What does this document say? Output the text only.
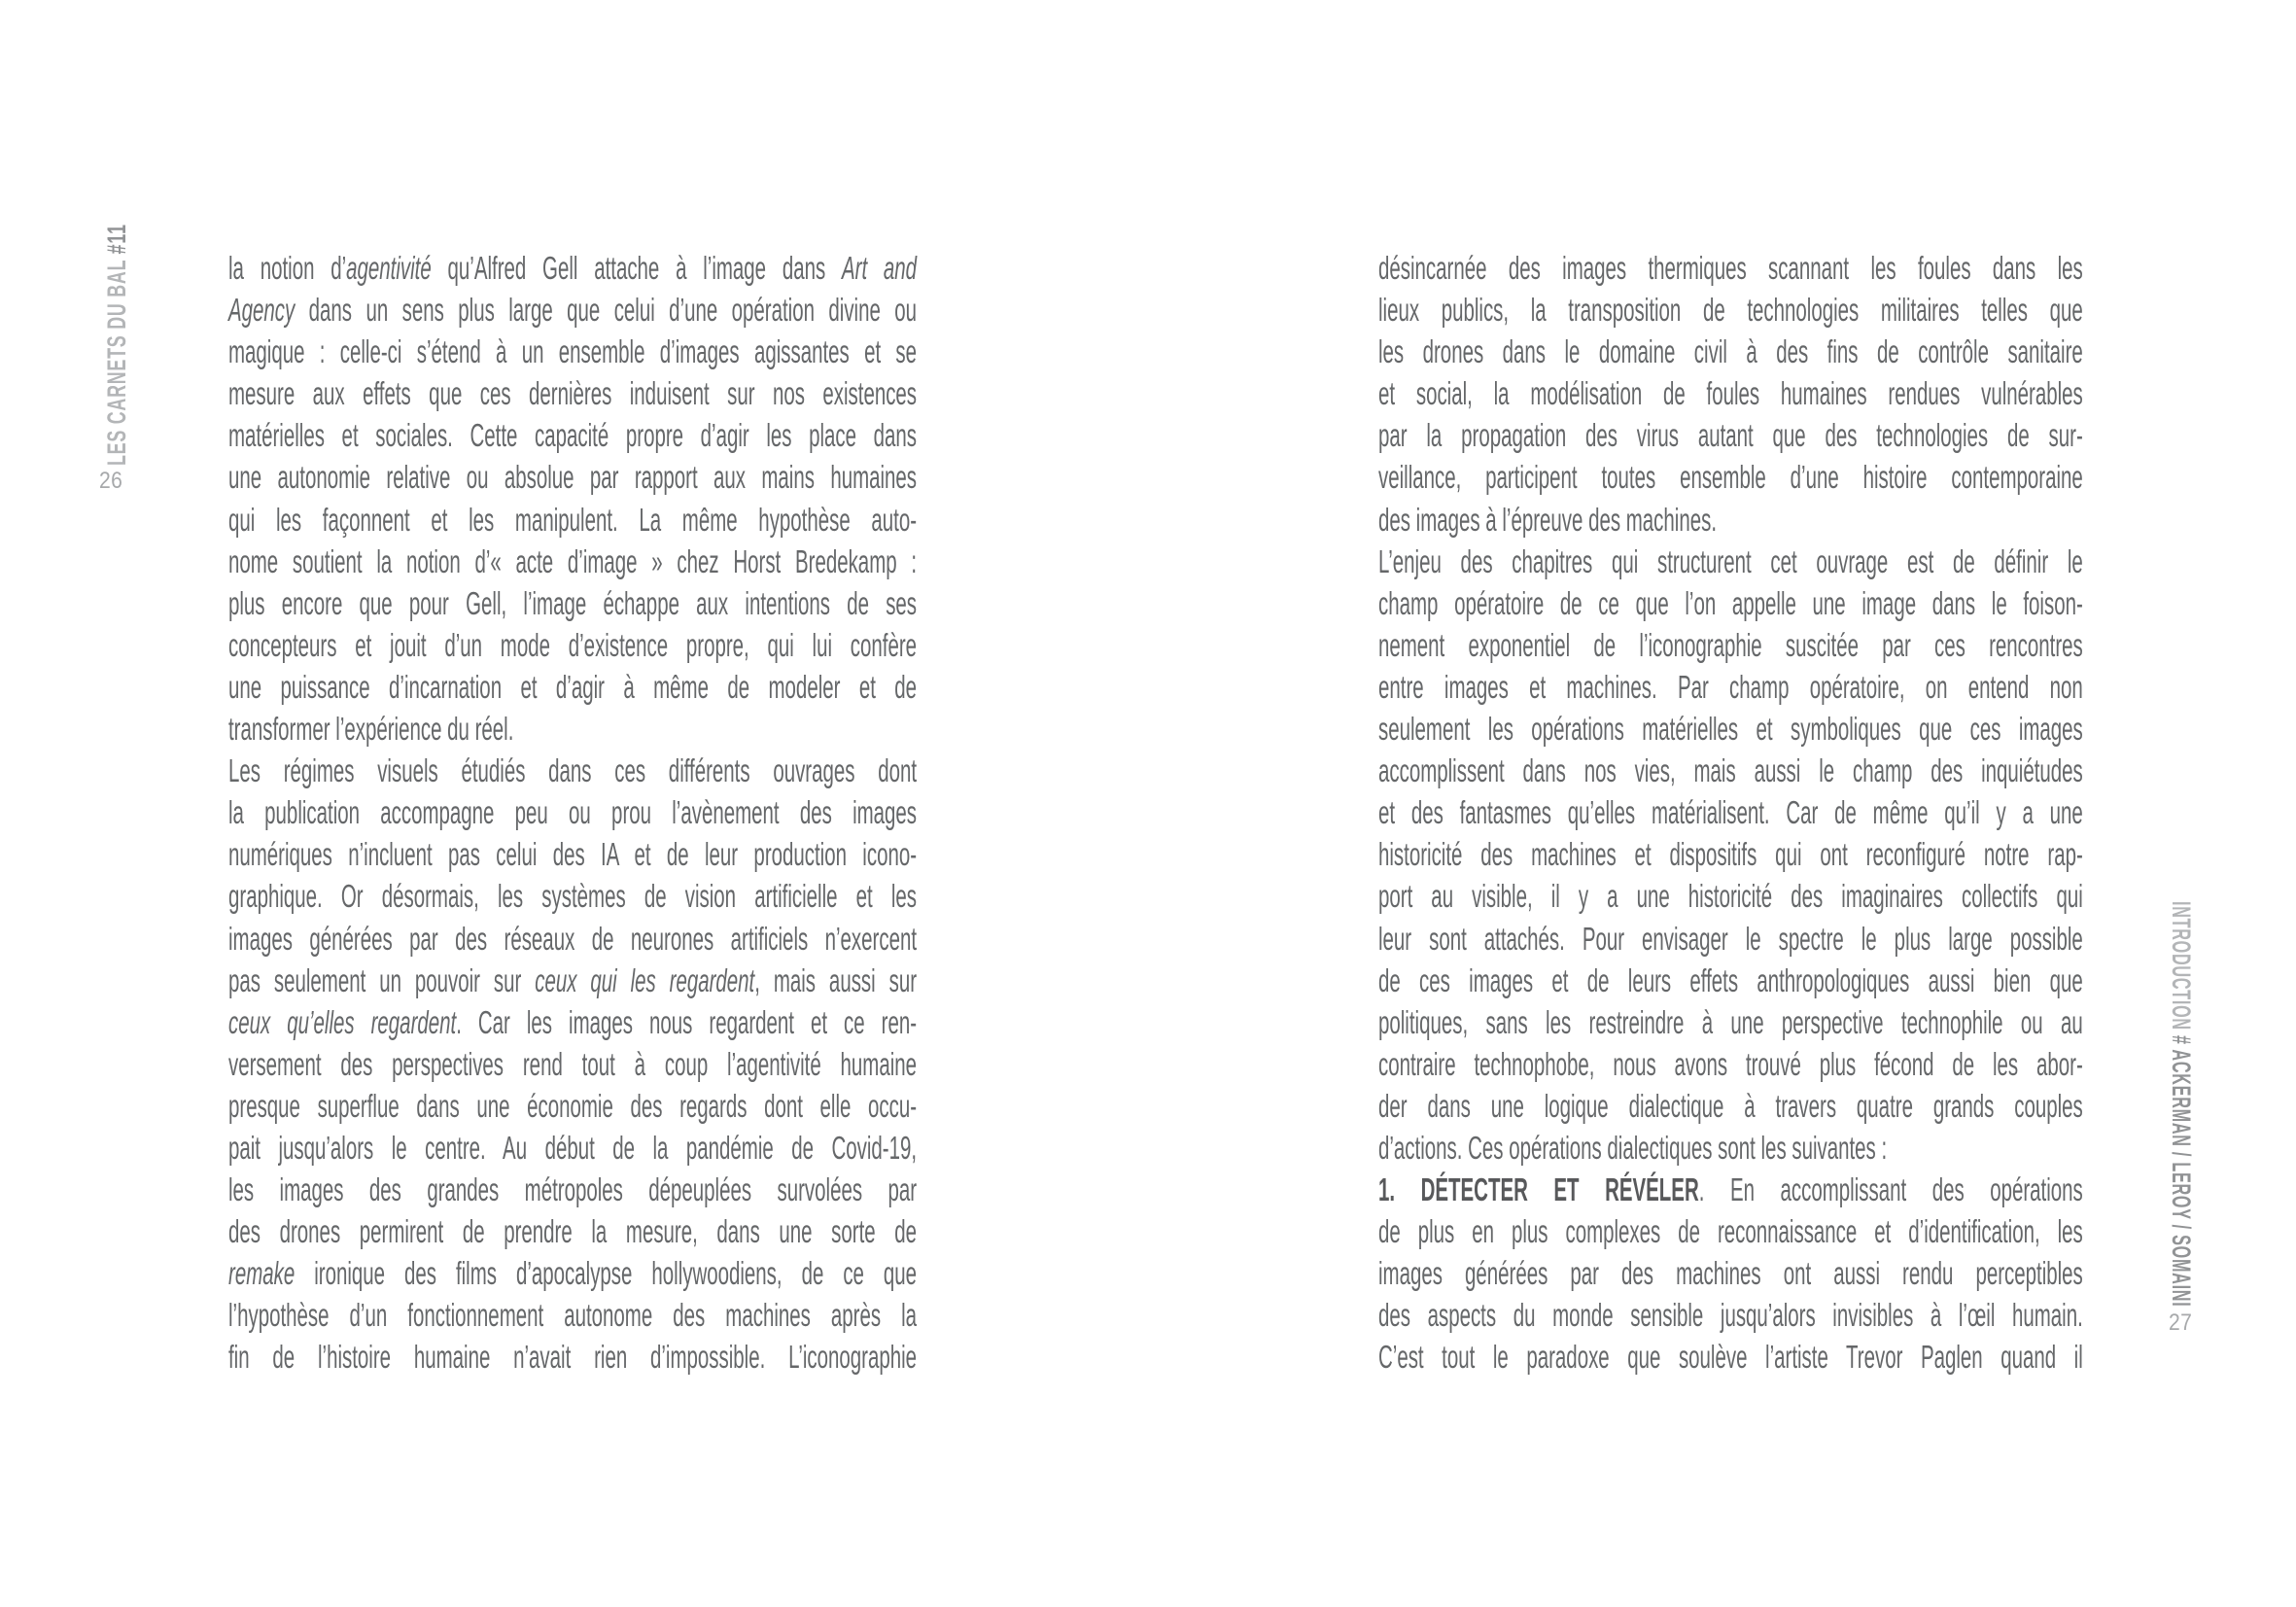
LES CARNETS DU BAL #11
26
la notion d’agentivité qu’Alfred Gell attache à l’image dans Art and
Agency dans un sens plus large que celui d’une opération divine ou
magique : celle-ci s’étend à un ensemble d’images agissantes et se
mesure aux effets que ces dernières induisent sur nos existences
matérielles et sociales. Cette capacité propre d’agir les place dans
une autonomie relative ou absolue par rapport aux mains humaines
qui les façonnent et les manipulent. La même hypothèse auto-
nome soutient la notion d’« acte d’image » chez Horst Bredekamp :
plus encore que pour Gell, l’image échappe aux intentions de ses
concepteurs et jouit d’un mode d’existence propre, qui lui confère
une puissance d’incarnation et d’agir à même de modeler et de
transformer l’expérience du réel.
Les régimes visuels étudiés dans ces différents ouvrages dont
la publication accompagne peu ou prou l’avènement des images
numériques n’incluent pas celui des IA et de leur production icono-
graphique. Or désormais, les systèmes de vision artificielle et les
images générées par des réseaux de neurones artificiels n’exercent
pas seulement un pouvoir sur ceux qui les regardent, mais aussi sur
ceux qu’elles regardent. Car les images nous regardent et ce ren-
versement des perspectives rend tout à coup l’agentivité humaine
presque superflue dans une économie des regards dont elle occu-
pait jusqu’alors le centre. Au début de la pandémie de Covid-19,
les images des grandes métropoles dépeuplées survolées par
des drones permirent de prendre la mesure, dans une sorte de
remake ironique des films d’apocalypse hollywoodiens, de ce que
l’hypothèse d’un fonctionnement autonome des machines après la
fin de l’histoire humaine n’avait rien d’impossible. L’iconographie
INTRODUCTION # ACKERMAN / LEROY / SOMAINI
27
désincarnée des images thermiques scannant les foules dans les
lieux publics, la transposition de technologies militaires telles que
les drones dans le domaine civil à des fins de contrôle sanitaire
et social, la modélisation de foules humaines rendues vulnérables
par la propagation des virus autant que des technologies de sur-
veillance, participent toutes ensemble d’une histoire contemporaine
des images à l’épreuve des machines.
L’enjeu des chapitres qui structurent cet ouvrage est de définir le
champ opératoire de ce que l’on appelle une image dans le foison-
nement exponentiel de l’iconographie suscitée par ces rencontres
entre images et machines. Par champ opératoire, on entend non
seulement les opérations matérielles et symboliques que ces images
accomplissent dans nos vies, mais aussi le champ des inquiétudes
et des fantasmes qu’elles matérialisent. Car de même qu’il y a une
historicité des machines et dispositifs qui ont reconfiguré notre rap-
port au visible, il y a une historicité des imaginaires collectifs qui
leur sont attachés. Pour envisager le spectre le plus large possible
de ces images et de leurs effets anthropologiques aussi bien que
politiques, sans les restreindre à une perspective technophile ou au
contraire technophobe, nous avons trouvé plus fécond de les abor-
der dans une logique dialectique à travers quatre grands couples
d’actions. Ces opérations dialectiques sont les suivantes :
1. DÉTECTER ET RÉVÉLER. En accomplissant des opérations
de plus en plus complexes de reconnaissance et d’identification, les
images générées par des machines ont aussi rendu perceptibles
des aspects du monde sensible jusqu’alors invisibles à l’œil humain.
C’est tout le paradoxe que soulève l’artiste Trevor Paglen quand il
